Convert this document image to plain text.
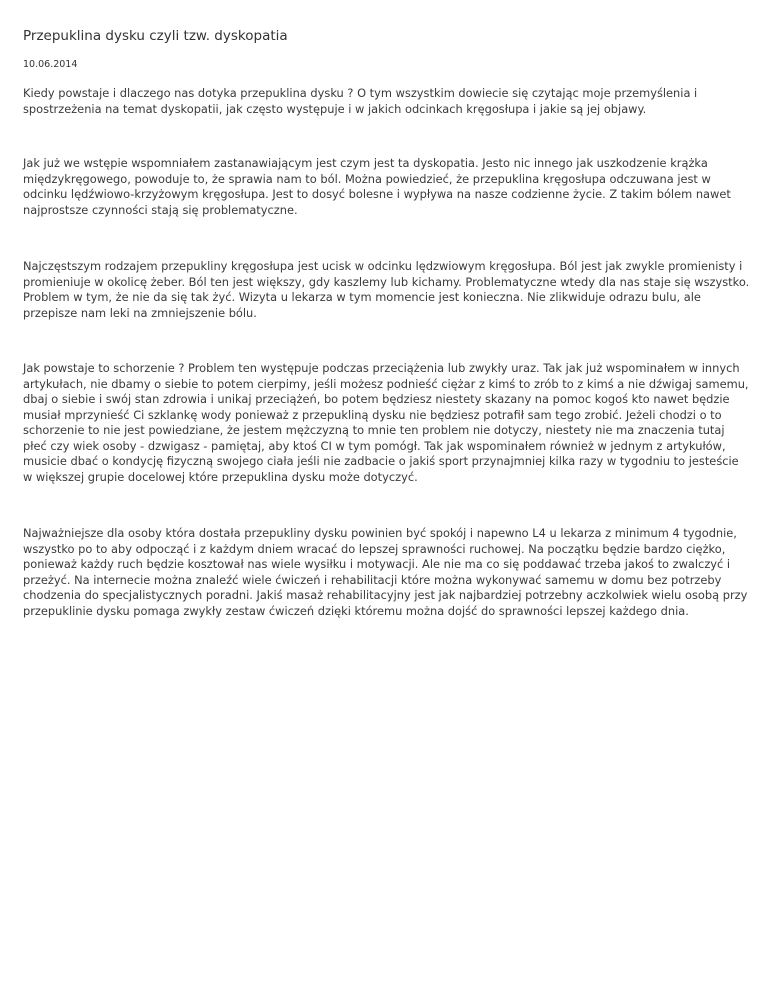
Przepuklina dysku czyli tzw. dyskopatia
10.06.2014

Kiedy powstaje i dlaczego nas dotyka przepuklina dysku ? O tym wszystkim dowiecie się czytając moje przemyślenia i spostrzeżenia na temat dyskopatii, jak często występuje i w jakich odcinkach kręgosłupa i jakie są jej objawy.

Jak już we wstępie wspomniałem zastanawiającym jest czym jest ta dyskopatia. Jesto nic innego jak uszkodzenie krążka międzykręgowego, powoduje to, że sprawia nam to ból. Można powiedzieć, że przepuklina kręgosłupa odczuwana jest w odcinku lędźwiowo-krzyżowym kręgosłupa. Jest to dosyć bolesne i wypływa na nasze codzienne życie. Z takim bólem nawet najprostsze czynności stają się problematyczne.

Najczęstszym rodzajem przepukliny kręgosłupa jest ucisk w odcinku lędzwiowym kręgosłupa. Ból jest jak zwykle promienisty i promieniuje w okolicę żeber. Ból ten jest większy, gdy kaszlemy lub kichamy. Problematyczne wtedy dla nas staje się wszystko. Problem w tym, że nie da się tak żyć. Wizyta u lekarza w tym momencie jest konieczna. Nie zlikwiduje odrazu bulu, ale przepisze nam leki na zmniejszenie bólu.

Jak powstaje to schorzenie ? Problem ten występuje podczas przeciążenia lub zwykły uraz. Tak jak już wspominałem w innych artykułach, nie dbamy o siebie to potem cierpimy, jeśli możesz podnieść ciężar z kimś to zrób to z kimś a nie dźwigaj samemu, dbaj o siebie i swój stan zdrowia i unikaj przeciążeń, bo potem będziesz niestety skazany na pomoc kogoś kto nawet będzie musiał mprzynieść Ci szklankę wody ponieważ z przepukliną dysku nie będziesz potrafił sam tego zrobić. Jeżeli chodzi o to schorzenie to nie jest powiedziane, że jestem mężczyzną to mnie ten problem nie dotyczy, niestety nie ma znaczenia tutaj płeć czy wiek osoby - dzwigasz - pamiętaj, aby ktoś CI w tym pomógł. Tak jak wspominałem również w jednym z artykułów, musicie dbać o kondycję fizyczną swojego ciała jeśli nie zadbacie o jakiś sport przynajmniej kilka razy w tygodniu to jesteście w większej grupie docelowej które przepuklina dysku może dotyczyć.

Najważniejsze dla osoby która dostała przepukliny dysku powinien być spokój i napewno L4 u lekarza z minimum 4 tygodnie, wszystko po to aby odpocząć i z każdym dniem wracać do lepszej sprawności ruchowej. Na początku będzie bardzo ciężko, ponieważ każdy ruch będzie kosztował nas wiele wysiłku i motywacji. Ale nie ma co się poddawać trzeba jakoś to zwalczyć i przeżyć. Na internecie można znaleźć wiele ćwiczeń i rehabilitacji które można wykonywać samemu w domu bez potrzeby chodzenia do specjalistycznych poradni. Jakiś masaż rehabilitacyjny jest jak najbardziej potrzebny aczkolwiek wielu osobą przy przepuklinie dysku pomaga zwykły zestaw ćwiczeń dzięki któremu można dojść do sprawności lepszej każdego dnia.
